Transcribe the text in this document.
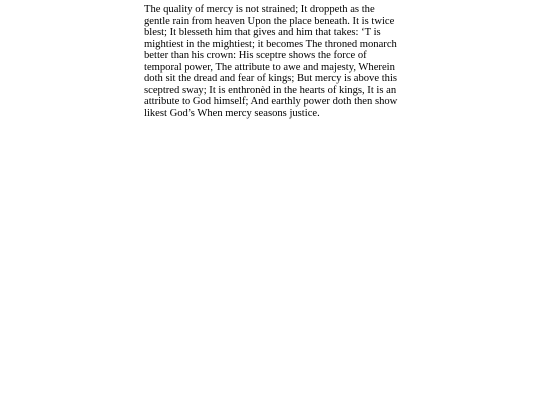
The quality of mercy is not strained; It droppeth as the gentle rain from heaven Upon the place beneath. It is twice blest; It blesseth him that gives and him that takes: ‘T is mightiest in the mightiest; it becomes The throned monarch better than his crown: His sceptre shows the force of temporal power, The attribute to awe and majesty, Wherein doth sit the dread and fear of kings; But mercy is above this sceptred sway; It is enthronèd in the hearts of kings, It is an attribute to God himself; And earthly power doth then show likest God’s When mercy seasons justice.
